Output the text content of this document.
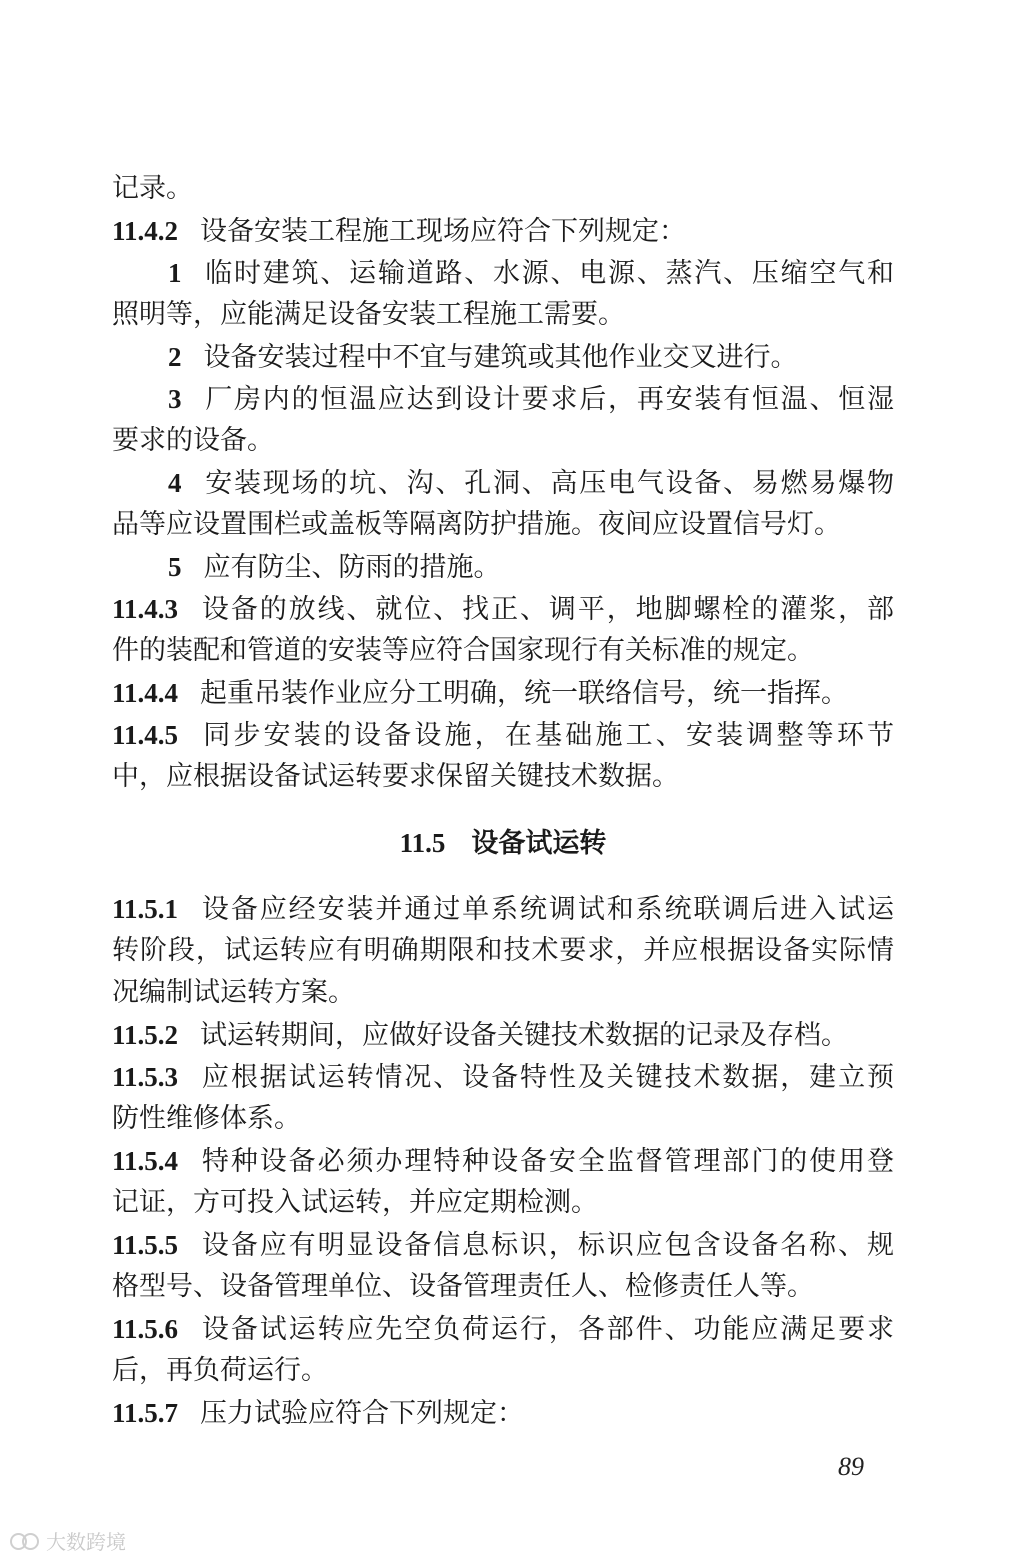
记录。
11.4.2 设备安装工程施工现场应符合下列规定：
1 临时建筑、运输道路、水源、电源、蒸汽、压缩空气和
照明等，应能满足设备安装工程施工需要。
2 设备安装过程中不宜与建筑或其他作业交叉进行。
3 厂房内的恒温应达到设计要求后，再安装有恒温、恒湿
要求的设备。
4 安装现场的坑、沟、孔洞、高压电气设备、易燃易爆物
品等应设置围栏或盖板等隔离防护措施。夜间应设置信号灯。
5 应有防尘、防雨的措施。
11.4.3 设备的放线、就位、找正、调平，地脚螺栓的灌浆，部
件的装配和管道的安装等应符合国家现行有关标准的规定。
11.4.4 起重吊装作业应分工明确，统一联络信号，统一指挥。
11.4.5 同步安装的设备设施，在基础施工、安装调整等环节
中，应根据设备试运转要求保留关键技术数据。
11.5 设备试运转
11.5.1 设备应经安装并通过单系统调试和系统联调后进入试运
转阶段，试运转应有明确期限和技术要求，并应根据设备实际情
况编制试运转方案。
11.5.2 试运转期间，应做好设备关键技术数据的记录及存档。
11.5.3 应根据试运转情况、设备特性及关键技术数据，建立预
防性维修体系。
11.5.4 特种设备必须办理特种设备安全监督管理部门的使用登
记证，方可投入试运转，并应定期检测。
11.5.5 设备应有明显设备信息标识，标识应包含设备名称、规
格型号、设备管理单位、设备管理责任人、检修责任人等。
11.5.6 设备试运转应先空负荷运行，各部件、功能应满足要求
后，再负荷运行。
11.5.7 压力试验应符合下列规定：
89
大数跨境
